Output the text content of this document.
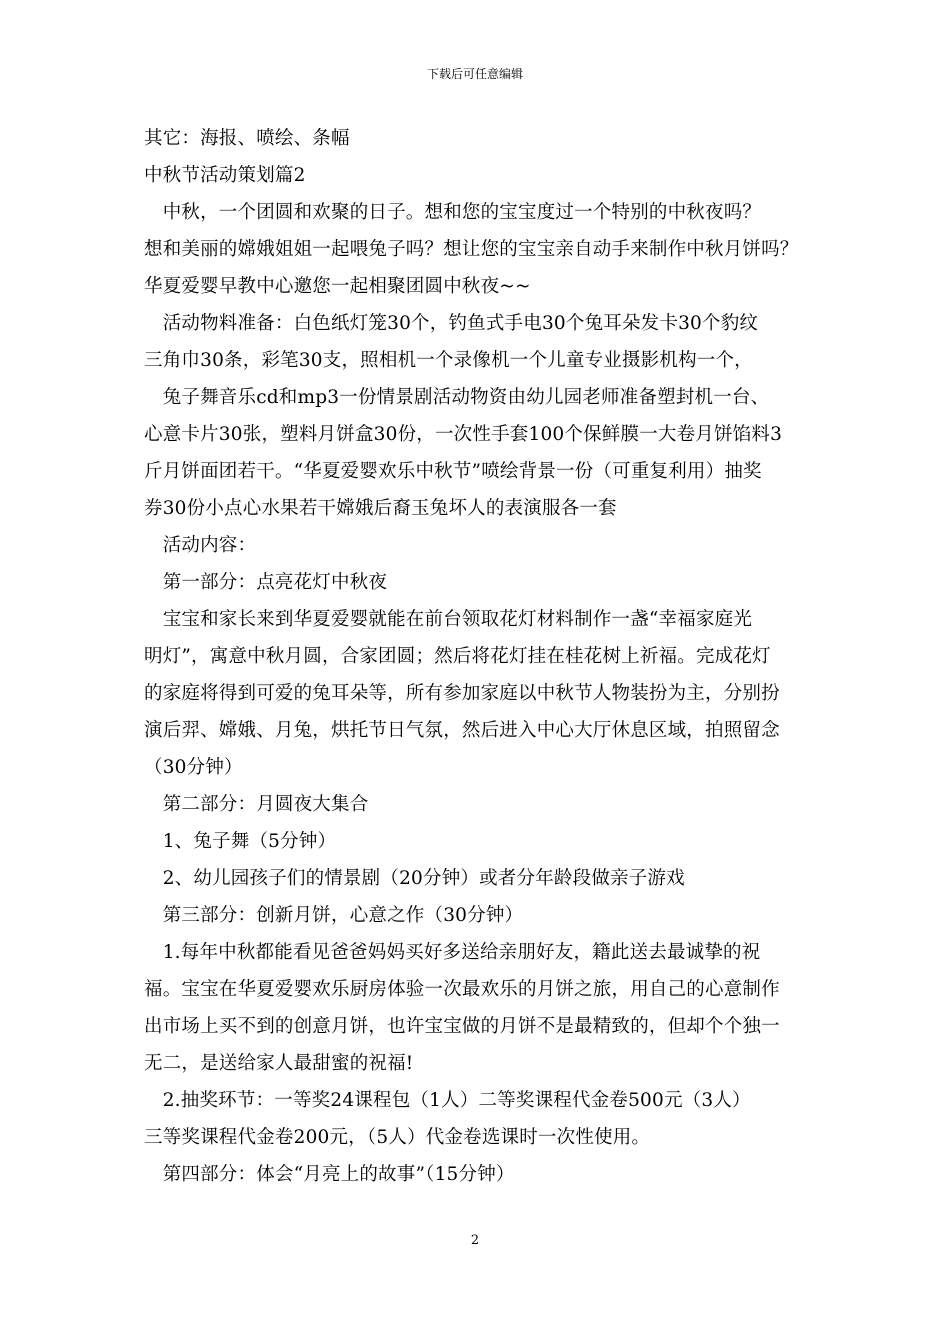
下载后可任意编辑
其它：海报、喷绘、条幅
中秋节活动策划篇2
　中秋，一个团圆和欢聚的日子。想和您的宝宝度过一个特别的中秋夜吗？
想和美丽的嫦娥姐姐一起喂兔子吗？想让您的宝宝亲自动手来制作中秋月饼吗？
华夏爱婴早教中心邀您一起相聚团圆中秋夜~~
　活动物料准备：白色纸灯笼30个，钓鱼式手电30个兔耳朵发卡30个豹纹
三角巾30条，彩笔30支，照相机一个录像机一个儿童专业摄影机构一个，
　兔子舞音乐cd和mp3一份情景剧活动物资由幼儿园老师准备塑封机一台、
心意卡片30张，塑料月饼盒30份，一次性手套100个保鲜膜一大卷月饼馅料3
斤月饼面团若干。“华夏爱婴欢乐中秋节”喷绘背景一份（可重复利用）抽奖
券30份小点心水果若干嫦娥后裔玉兔坏人的表演服各一套
　活动内容：
　第一部分：点亮花灯中秋夜
　宝宝和家长来到华夏爱婴就能在前台领取花灯材料制作一盏“幸福家庭光
明灯”，寓意中秋月圆，合家团圆；然后将花灯挂在桂花树上祈福。完成花灯
的家庭将得到可爱的兔耳朵等，所有参加家庭以中秋节人物装扮为主，分别扮
演后羿、嫦娥、月兔，烘托节日气氛，然后进入中心大厅休息区域，拍照留念
（30分钟）
　第二部分：月圆夜大集合
　1、兔子舞（5分钟）
　2、幼儿园孩子们的情景剧（20分钟）或者分年龄段做亲子游戏
　第三部分：创新月饼，心意之作（30分钟）
　1.每年中秋都能看见爸爸妈妈买好多送给亲朋好友，籍此送去最诚挚的祝
福。宝宝在华夏爱婴欢乐厨房体验一次最欢乐的月饼之旅，用自己的心意制作
出市场上买不到的创意月饼，也许宝宝做的月饼不是最精致的，但却个个独一
无二，是送给家人最甜蜜的祝福!
　2.抽奖环节：一等奖24课程包（1人）二等奖课程代金卷500元（3人）
三等奖课程代金卷200元，（5人）代金卷选课时一次性使用。
　第四部分：体会“月亮上的故事”（15分钟）
2
